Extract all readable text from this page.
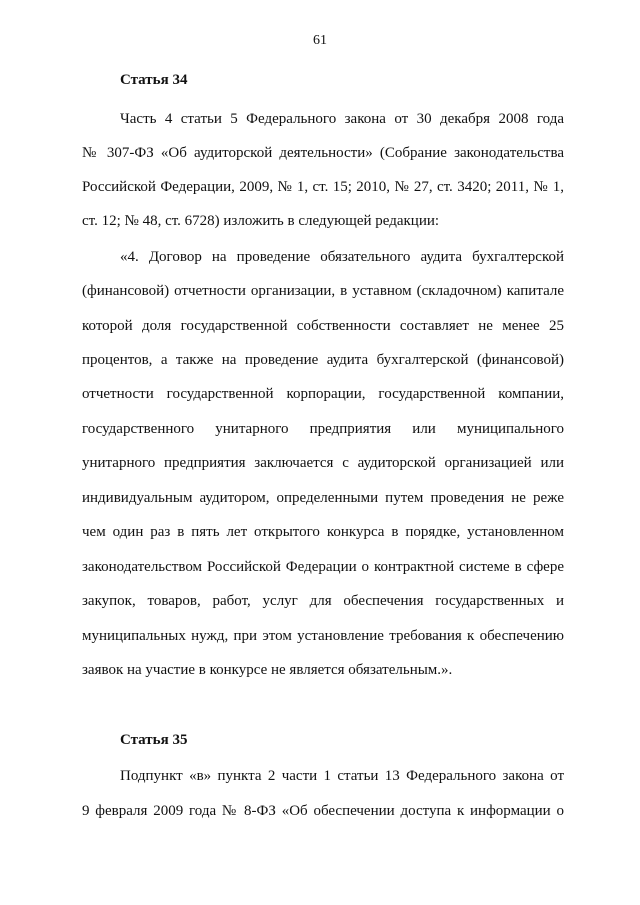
61
Статья 34
Часть 4 статьи 5 Федерального закона от 30 декабря 2008 года
№ 307-ФЗ «Об аудиторской деятельности» (Собрание законодательства
Российской Федерации, 2009, № 1, ст. 15; 2010, № 27, ст. 3420; 2011, № 1,
ст. 12; № 48, ст. 6728) изложить в следующей редакции:
«4. Договор на проведение обязательного аудита бухгалтерской
(финансовой) отчетности организации, в уставном (складочном) капитале
которой доля государственной собственности составляет не менее 25
процентов, а также на проведение аудита бухгалтерской (финансовой)
отчетности государственной корпорации, государственной компании,
государственного унитарного предприятия или муниципального
унитарного предприятия заключается с аудиторской организацией или
индивидуальным аудитором, определенными путем проведения не реже
чем один раз в пять лет открытого конкурса в порядке, установленном
законодательством Российской Федерации о контрактной системе в сфере
закупок, товаров, работ, услуг для обеспечения государственных и
муниципальных нужд, при этом установление требования к обеспечению
заявок на участие в конкурсе не является обязательным.».
Статья 35
Подпункт «в» пункта 2 части 1 статьи 13 Федерального закона от
9 февраля 2009 года № 8-ФЗ «Об обеспечении доступа к информации о
